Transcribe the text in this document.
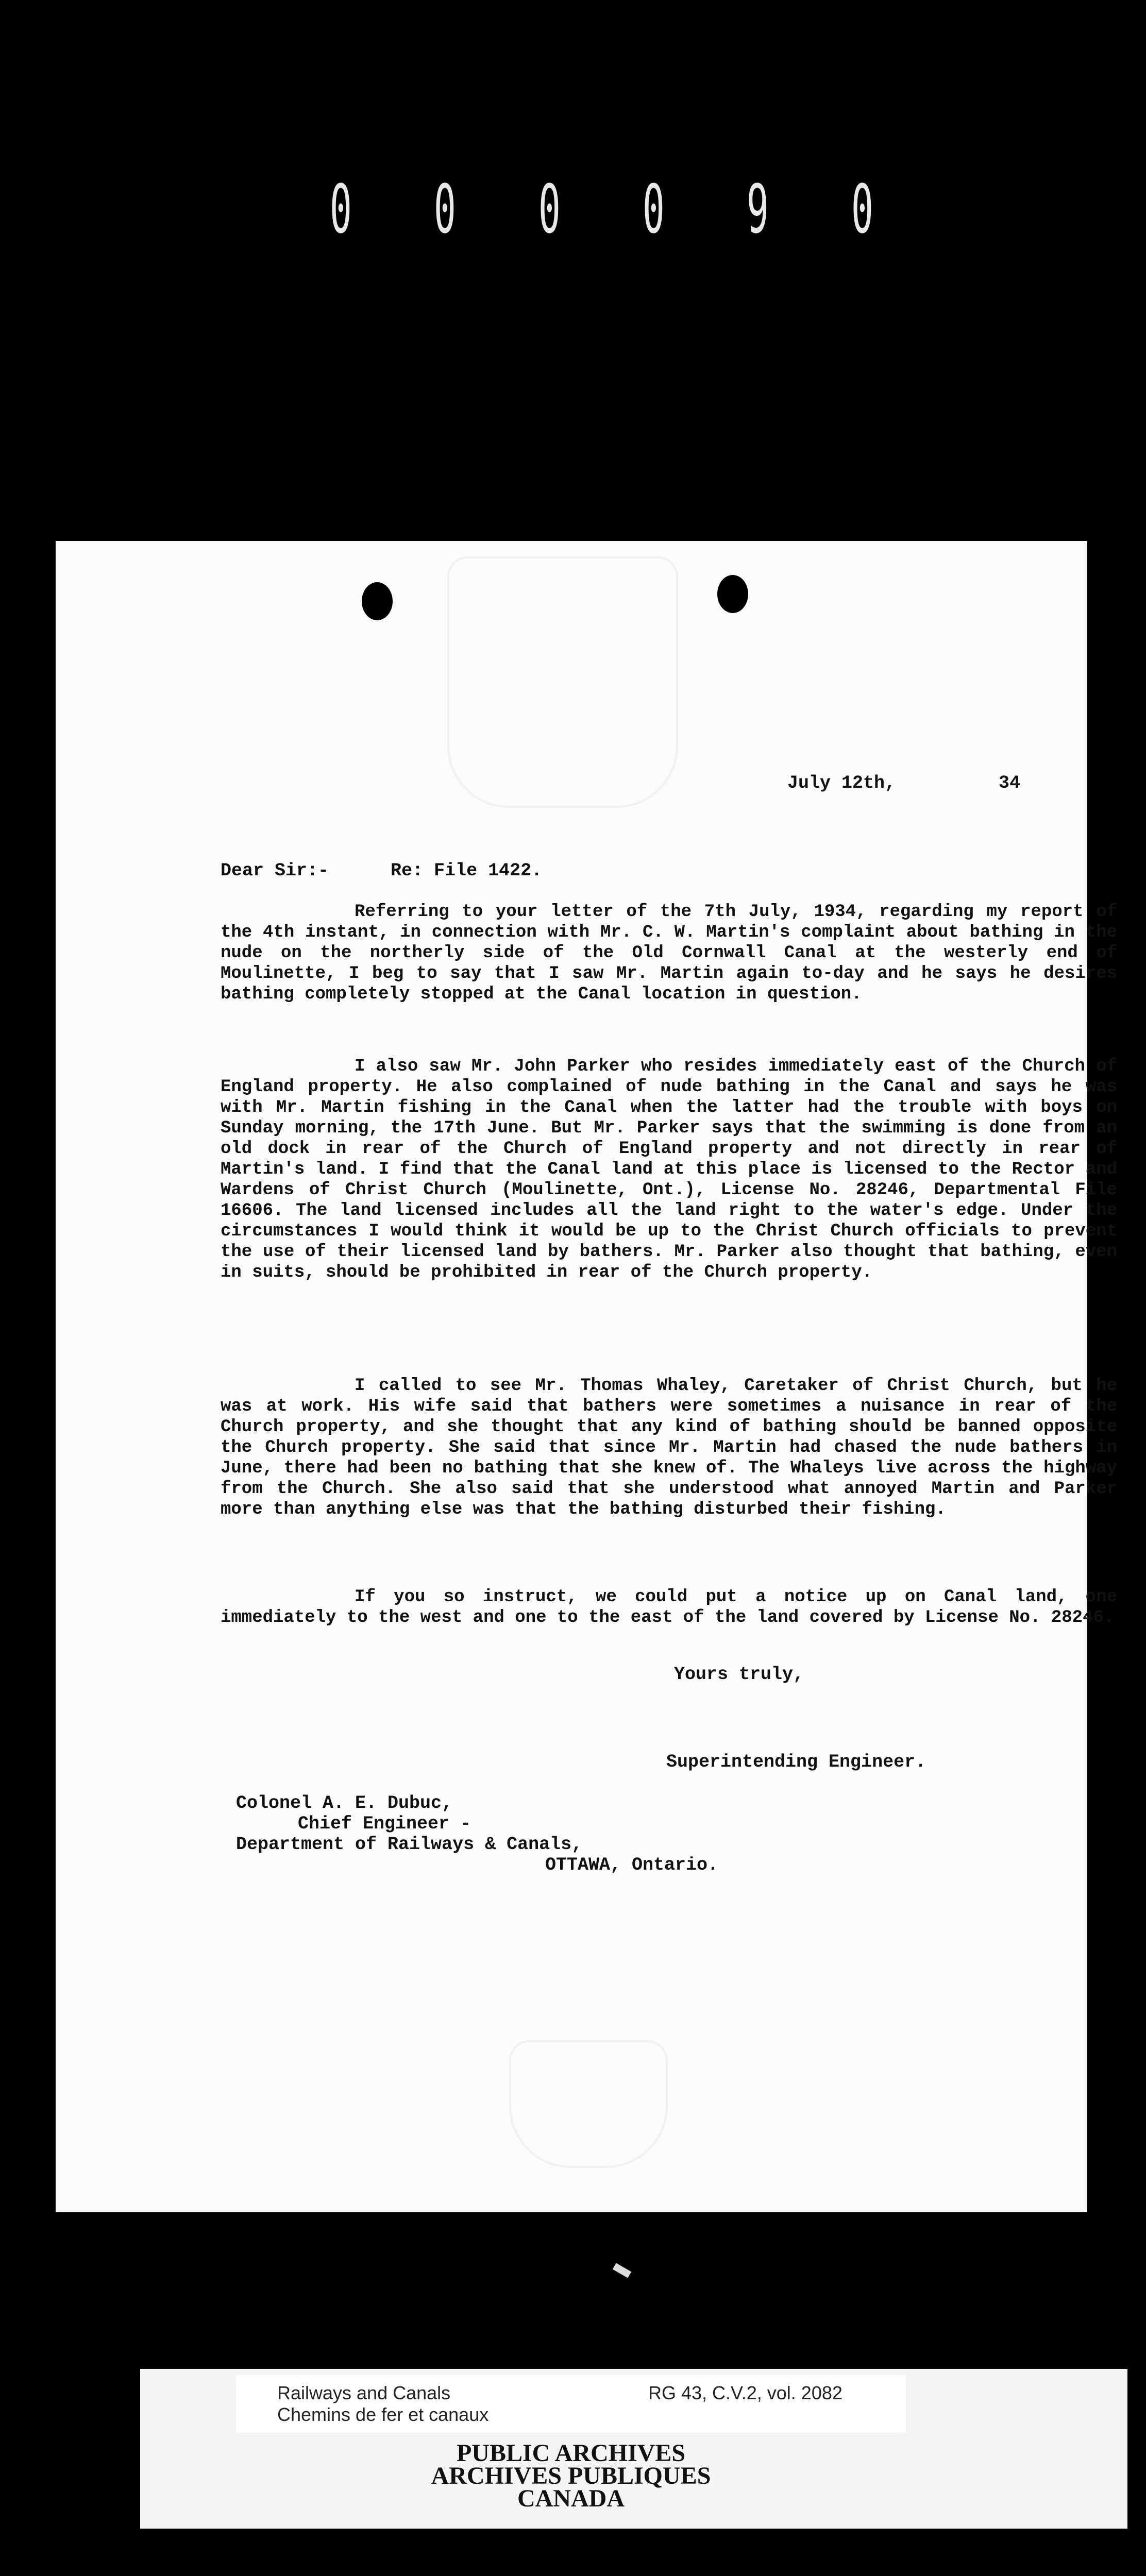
0 0 0 0 9 0
July 12th,	34
Dear Sir:-	Re: File 1422.
Referring to your letter of the 7th July, 1934, regarding my report of the 4th instant, in connection with Mr. C. W. Martin's complaint about bathing in the nude on the northerly side of the Old Cornwall Canal at the westerly end of Moulinette, I beg to say that I saw Mr. Martin again to-day and he says he desires bathing completely stopped at the Canal location in question.
I also saw Mr. John Parker who resides immediately east of the Church of England property. He also complained of nude bathing in the Canal and says he was with Mr. Martin fishing in the Canal when the latter had the trouble with boys on Sunday morning, the 17th June. But Mr. Parker says that the swimming is done from an old dock in rear of the Church of England property and not directly in rear of Martin's land. I find that the Canal land at this place is licensed to the Rector and Wardens of Christ Church (Moulinette, Ont.), License No. 28246, Departmental File 16606. The land licensed includes all the land right to the water's edge. Under the circumstances I would think it would be up to the Christ Church officials to prevent the use of their licensed land by bathers. Mr. Parker also thought that bathing, even in suits, should be prohibited in rear of the Church property.
I called to see Mr. Thomas Whaley, Caretaker of Christ Church, but he was at work. His wife said that bathers were sometimes a nuisance in rear of the Church property, and she thought that any kind of bathing should be banned opposite the Church property. She said that since Mr. Martin had chased the nude bathers in June, there had been no bathing that she knew of. The Whaleys live across the highway from the Church. She also said that she understood what annoyed Martin and Parker more than anything else was that the bathing disturbed their fishing.
If you so instruct, we could put a notice up on Canal land, one immediately to the west and one to the east of the land covered by License No. 28246.
Yours truly,
Superintending Engineer.
Colonel A. E. Dubuc,
Chief Engineer -
Department of Railways & Canals,
OTTAWA, Ontario.
Railways and Canals
Chemins de fer et canaux
RG 43, C.V.2, vol. 2082
PUBLIC ARCHIVES
ARCHIVES PUBLIQUES
CANADA
